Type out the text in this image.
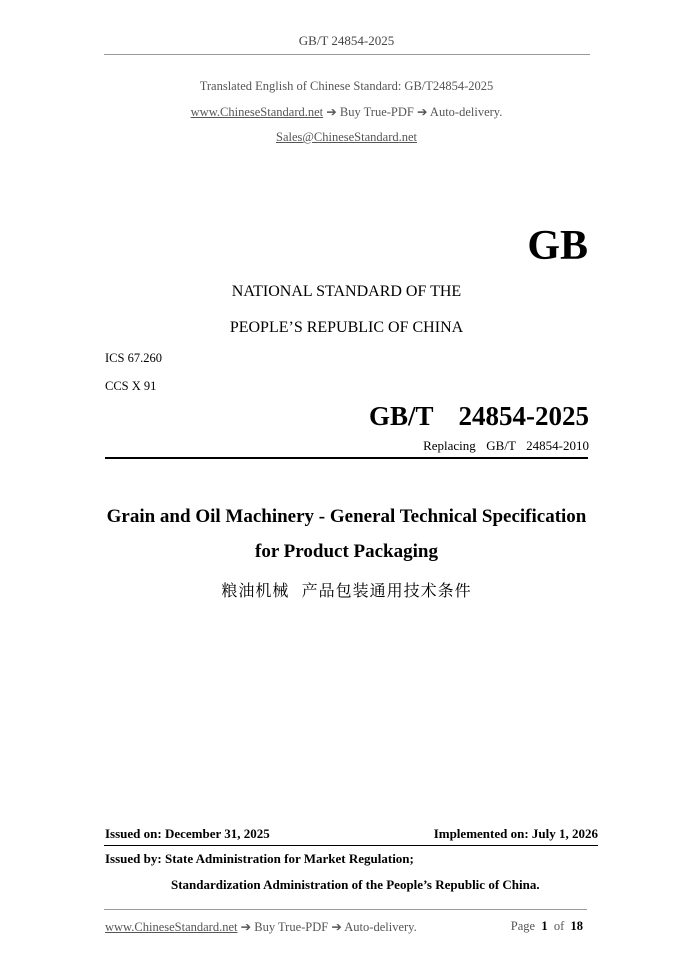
GB/T 24854-2025
Translated English of Chinese Standard: GB/T24854-2025
www.ChineseStandard.net ➔ Buy True-PDF ➔ Auto-delivery.
Sales@ChineseStandard.net
GB
NATIONAL STANDARD OF THE
PEOPLE’S REPUBLIC OF CHINA
ICS 67.260
CCS X 91
GB/T  24854-2025
Replacing  GB/T  24854-2010
Grain and Oil Machinery - General Technical Specification
for Product Packaging
粮油机械  产品包装通用技术条件
Issued on: December 31, 2025	Implemented on: July 1, 2026
Issued by: State Administration for Market Regulation;
Standardization Administration of the People’s Republic of China.
www.ChineseStandard.net ➔ Buy True-PDF ➔ Auto-delivery.	Page 1 of 18
